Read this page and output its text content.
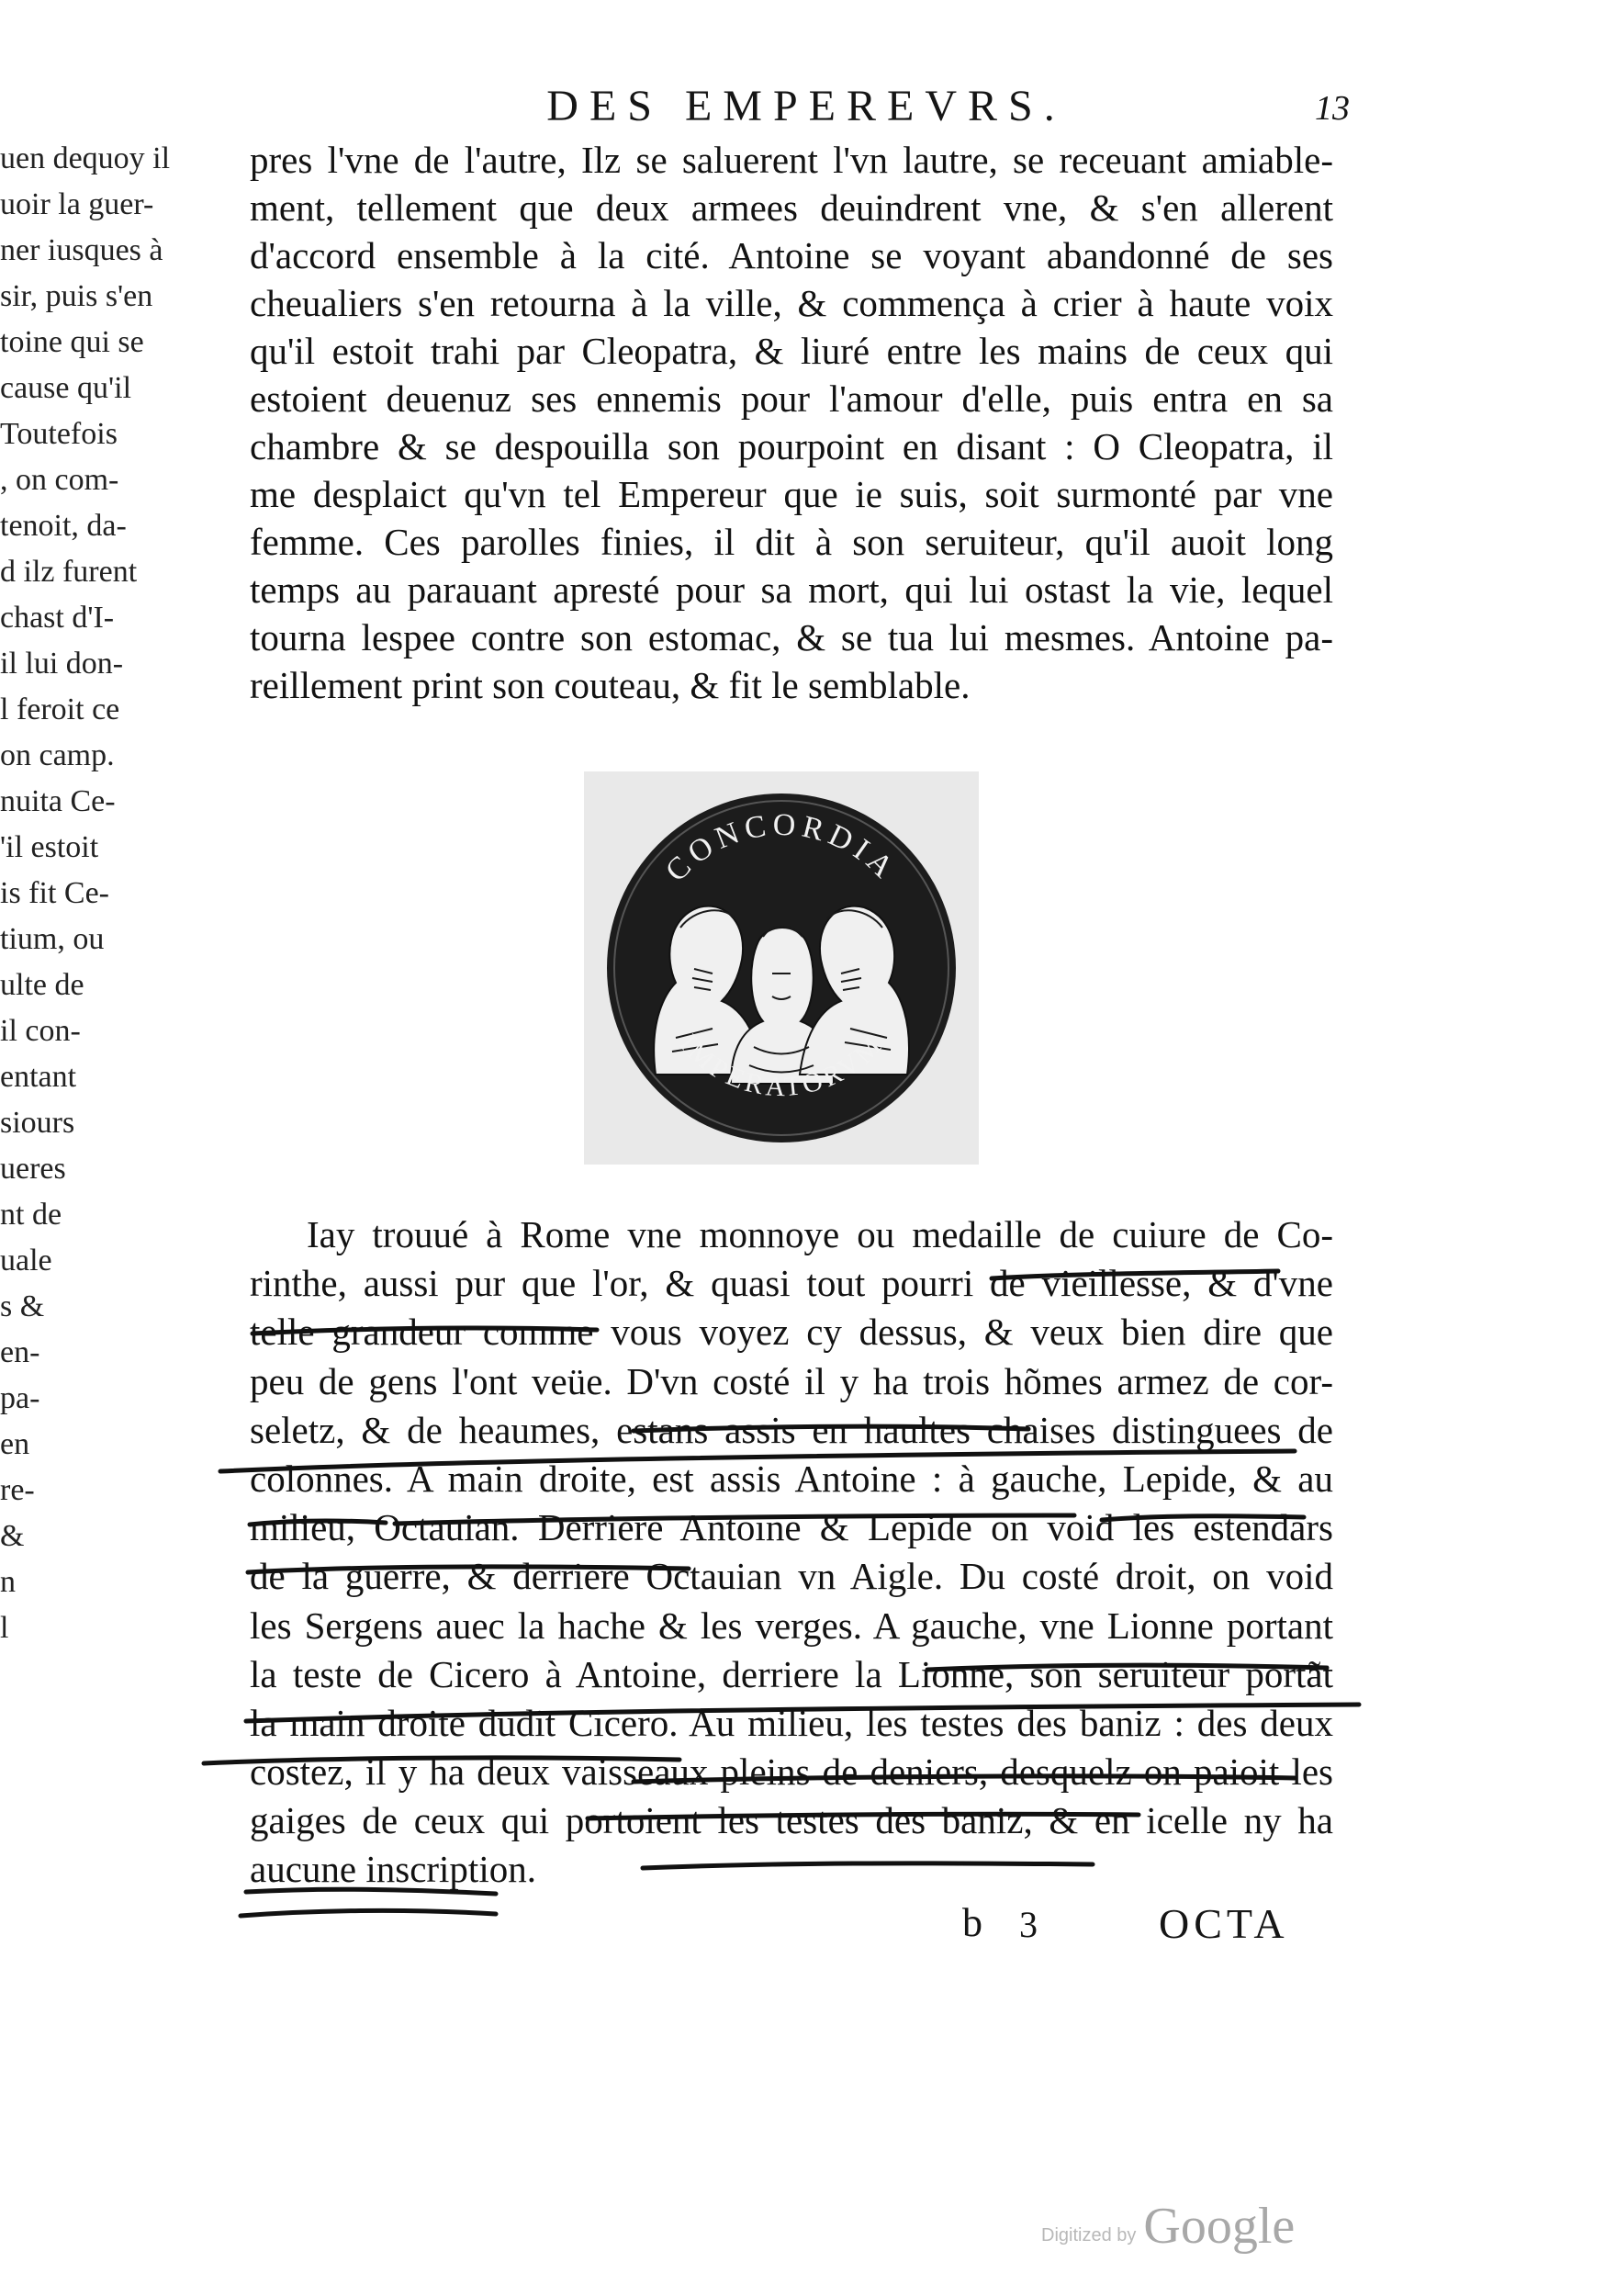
uen dequoy il
uoir la guer-
ner iusques à
sir, puis s'en
toine qui se
cause qu'il
Toutefois
, on com-
tenoit, da-
d ilz furent
chast d'I-
il lui don-
l feroit ce
on camp.
nuita Ce-
'il estoit
is fit Ce-
tium, ou
ulte de
il con-
entant
siours
ueres
nt de
uale
s &
en-
pa-
en
re-
&
n
l
DES EMPEREVRS.	13
pres l'vne de l'autre, Ilz se saluerent l'vn lautre, se receuant amiable-
ment, tellement que deux armees deuindrent vne, & s'en allerent
d'accord ensemble à la cité. Antoine se voyant abandonné de ses
cheualiers s'en retourna à la ville, & commença à crier à haute voix
qu'il estoit trahi par Cleopatra, & liuré entre les mains de ceux qui
estoient deuenuz ses ennemis pour l'amour d'elle, puis entra en sa
chambre & se despouilla son pourpoint en disant : O Cleopatra, il
me desplaict qu'vn tel Empereur que ie suis, soit surmonté par vne
femme. Ces parolles finies, il dit à son seruiteur, qu'il auoit long
temps au parauant apresté pour sa mort, qui lui ostast la vie, lequel
tourna lespee contre son estomac, & se tua lui mesmes. Antoine pa-
reillement print son couteau, & fit le semblable.
CONCORDIA
IMPERATORVM
Iay trouué à Rome vne monnoye ou medaille de cuiure de Co-
rinthe, aussi pur que l'or, & quasi tout pourri de vieillesse, & d'vne
telle grandeur comme vous voyez cy dessus, & veux bien dire que
peu de gens l'ont veüe. D'vn costé il y ha trois hõmes armez de cor-
seletz, & de heaumes, estans assis en haultes chaises distinguees de
colonnes. A main droite, est assis Antoine : à gauche, Lepide, & au
milieu, Octauian. Derriere Antoine & Lepide on void les estendars
de la guerre, & derriere Octauian vn Aigle. Du costé droit, on void
les Sergens auec la hache & les verges. A gauche, vne Lionne portant
la teste de Cicero à Antoine, derriere la Lionne, son seruiteur portãt
la main droite dudit Cicero. Au milieu, les testes des baniz : des deux
costez, il y ha deux vaisseaux pleins de deniers, desquelz on paioit les
gaiges de ceux qui portoient les testes des baniz, & en icelle ny ha
aucune inscription.
b 3	OCTA
Digitized by Google
